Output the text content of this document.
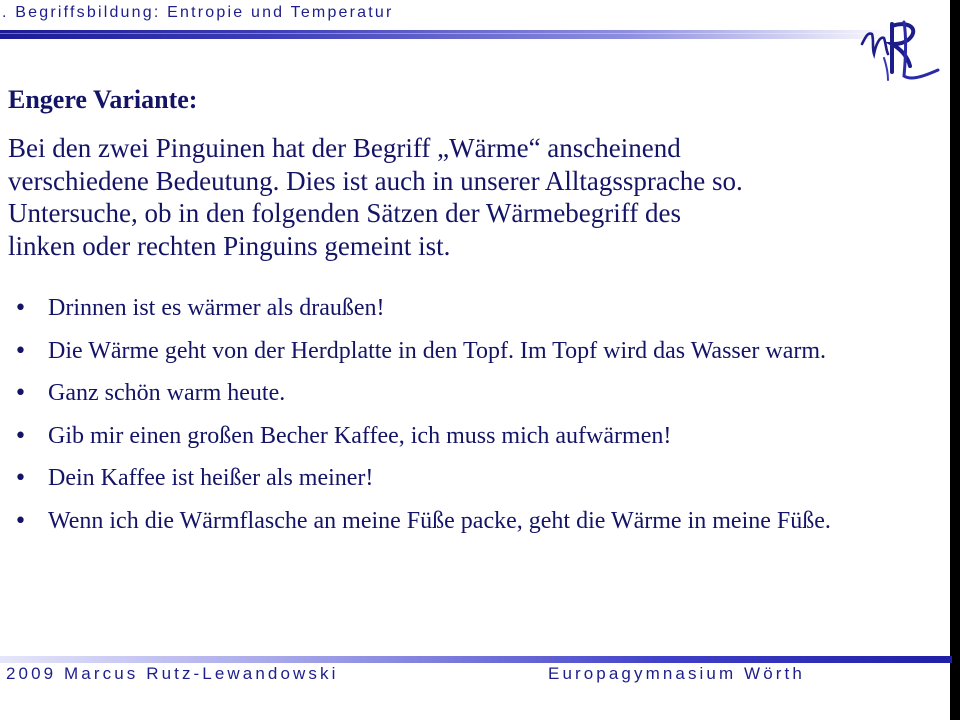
. Begriffsbildung: Entropie und Temperatur
Engere Variante:
Bei den zwei Pinguinen hat der Begriff „Wärme“ anscheinend
verschiedene Bedeutung. Dies ist auch in unserer Alltagssprache so.
Untersuche, ob in den folgenden Sätzen der Wärmebegriff des
linken oder rechten Pinguins gemeint ist.
• Drinnen ist es wärmer als draußen!
• Die Wärme geht von der Herdplatte in den Topf. Im Topf wird das Wasser warm.
• Ganz schön warm heute.
• Gib mir einen großen Becher Kaffee, ich muss mich aufwärmen!
• Dein Kaffee ist heißer als meiner!
• Wenn ich die Wärmflasche an meine Füße packe, geht die Wärme in meine Füße.
2009 Marcus Rutz-Lewandowski	Europagymnasium Wörth
